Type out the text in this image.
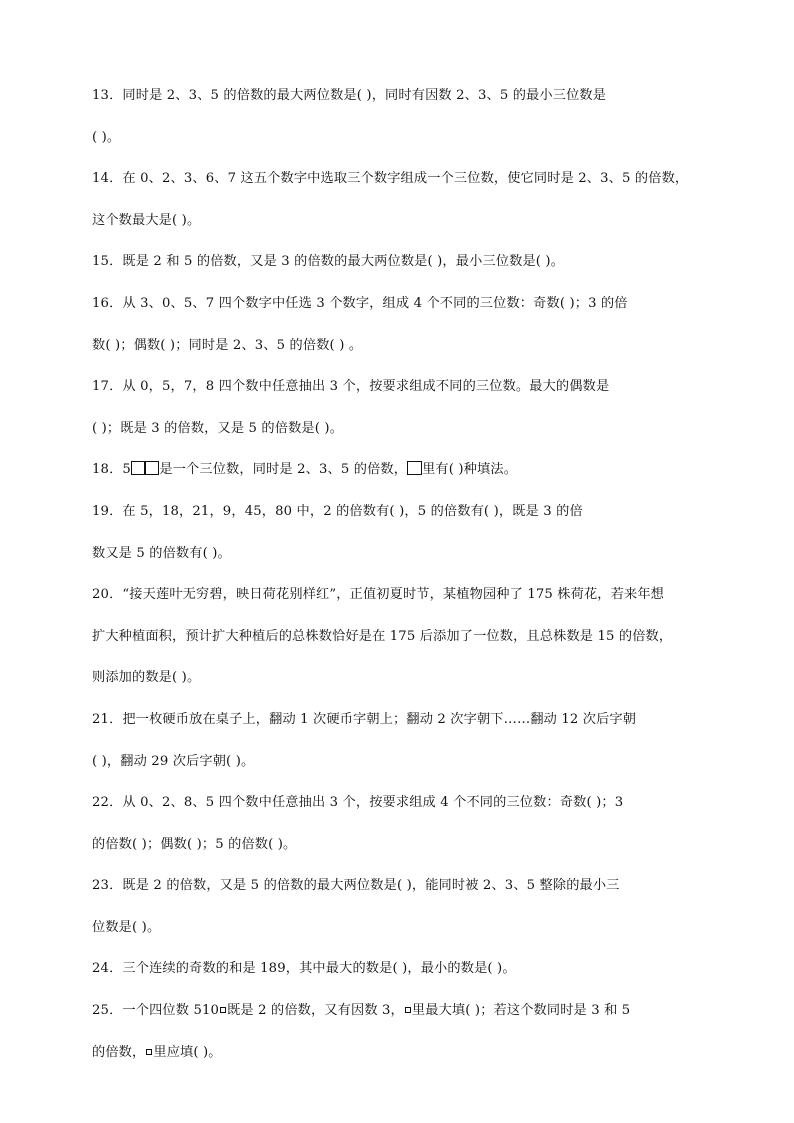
13．同时是 2、3、5 的倍数的最大两位数是( )，同时有因数 2、3、5 的最小三位数是
( )。
14．在 0、2、3、6、7 这五个数字中选取三个数字组成一个三位数，使它同时是 2、3、5 的倍数，
这个数最大是( )。
15．既是 2 和 5 的倍数，又是 3 的倍数的最大两位数是( )，最小三位数是( )。
16．从 3、0、5、7 四个数字中任选 3 个数字，组成 4 个不同的三位数：奇数( )；3 的倍
数( )；偶数( )；同时是 2、3、5 的倍数( ) 。
17．从 0，5，7，8 四个数中任意抽出 3 个，按要求组成不同的三位数。最大的偶数是
( )；既是 3 的倍数，又是 5 的倍数是( )。
18．5 是一个三位数，同时是 2、3、5 的倍数， 里有( )种填法。
19．在 5，18，21，9，45，80 中，2 的倍数有( )，5 的倍数有( )，既是 3 的倍
数又是 5 的倍数有( )。
20．“接天莲叶无穷碧，映日荷花别样红”，正值初夏时节，某植物园种了 175 株荷花，若来年想
扩大种植面积，预计扩大种植后的总株数恰好是在 175 后添加了一位数，且总株数是 15 的倍数，
则添加的数是( )。
21．把一枚硬币放在桌子上，翻动 1 次硬币字朝上；翻动 2 次字朝下……翻动 12 次后字朝
( )，翻动 29 次后字朝( )。
22．从 0、2、8、5 四个数中任意抽出 3 个，按要求组成 4 个不同的三位数：奇数( )；3
的倍数( )；偶数( )；5 的倍数( )。
23．既是 2 的倍数，又是 5 的倍数的最大两位数是( )，能同时被 2、3、5 整除的最小三
位数是( )。
24．三个连续的奇数的和是 189，其中最大的数是( )，最小的数是( )。
25．一个四位数 510 既是 2 的倍数，又有因数 3， 里最大填( )；若这个数同时是 3 和 5
的倍数， 里应填( )。
